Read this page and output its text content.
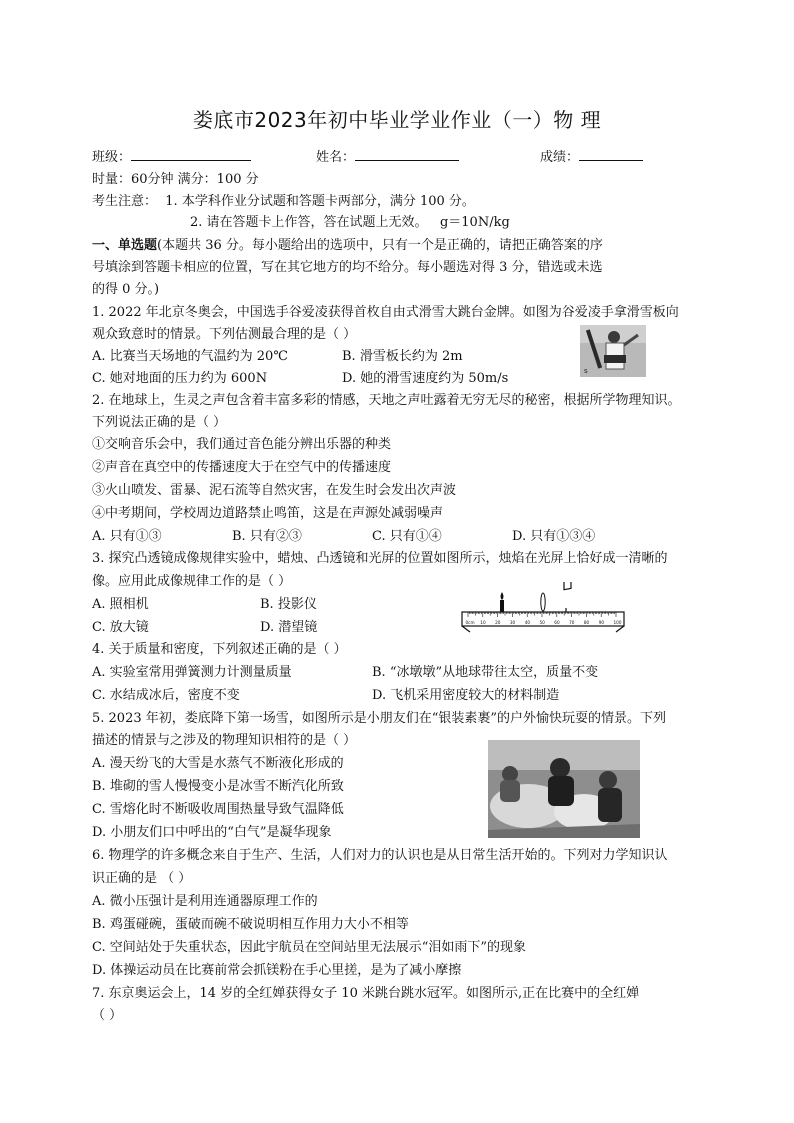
娄底市2023年初中毕业学业作业（一）物 理
班级：	姓名：	成绩：
时量：60分钟 满分：100 分
考生注意： 1. 本学科作业分试题和答题卡两部分，满分 100 分。
2. 请在答题卡上作答，答在试题上无效。 g＝10N/kg
一、单选题(本题共 36 分。每小题给出的选项中，只有一个是正确的，请把正确答案的序
号填涂到答题卡相应的位置，写在其它地方的均不给分。每小题选对得 3 分，错选或未选
的得 0 分。)
1. 2022 年北京冬奥会，中国选手谷爱凌获得首枚自由式滑雪大跳台金牌。如图为谷爱凌手拿滑雪板向
观众致意时的情景。下列估测最合理的是（ ）
A. 比赛当天场地的气温约为 20℃	B. 滑雪板长约为 2m
C. 她对地面的压力约为 600N	D. 她的滑雪速度约为 50m/s	s
2. 在地球上，生灵之声包含着丰富多彩的情感，天地之声吐露着无穷无尽的秘密，根据所学物理知识。
下列说法正确的是（ ）
①交响音乐会中，我们通过音色能分辨出乐器的种类
②声音在真空中的传播速度大于在空气中的传播速度
③火山喷发、雷暴、泥石流等自然灾害，在发生时会发出次声波
④中考期间，学校周边道路禁止鸣笛，这是在声源处减弱噪声
A. 只有①③	B. 只有②③	C. 只有①④	D. 只有①③④
3. 探究凸透镜成像规律实验中，蜡烛、凸透镜和光屏的位置如图所示，烛焰在光屏上恰好成一清晰的
像。应用此成像规律工作的是（ ）
A. 照相机	B. 投影仪
C. 放大镜	D. 潜望镜	0cm 10 20 30 40 50 60 70 80 90 100
4. 关于质量和密度，下列叙述正确的是（ ）
A. 实验室常用弹簧测力计测量质量	B. “冰墩墩”从地球带往太空，质量不变
C. 水结成冰后，密度不变	D. 飞机采用密度较大的材料制造
5. 2023 年初，娄底降下第一场雪，如图所示是小朋友们在“银装素裹”的户外愉快玩耍的情景。下列
描述的情景与之涉及的物理知识相符的是（ ）
A. 漫天纷飞的大雪是水蒸气不断液化形成的
B. 堆砌的雪人慢慢变小是冰雪不断汽化所致
C. 雪熔化时不断吸收周围热量导致气温降低
D. 小朋友们口中呼出的“白气”是凝华现象
6. 物理学的许多概念来自于生产、生活，人们对力的认识也是从日常生活开始的。下列对力学知识认
识正确的是 （ ）
A. 微小压强计是利用连通器原理工作的
B. 鸡蛋碰碗，蛋破而碗不破说明相互作用力大小不相等
C. 空间站处于失重状态，因此宇航员在空间站里无法展示“泪如雨下”的现象
D. 体操运动员在比赛前常会抓镁粉在手心里搓，是为了减小摩擦
7. 东京奥运会上，14 岁的全红婵获得女子 10 米跳台跳水冠军。如图所示,正在比赛中的全红婵
（ ）
